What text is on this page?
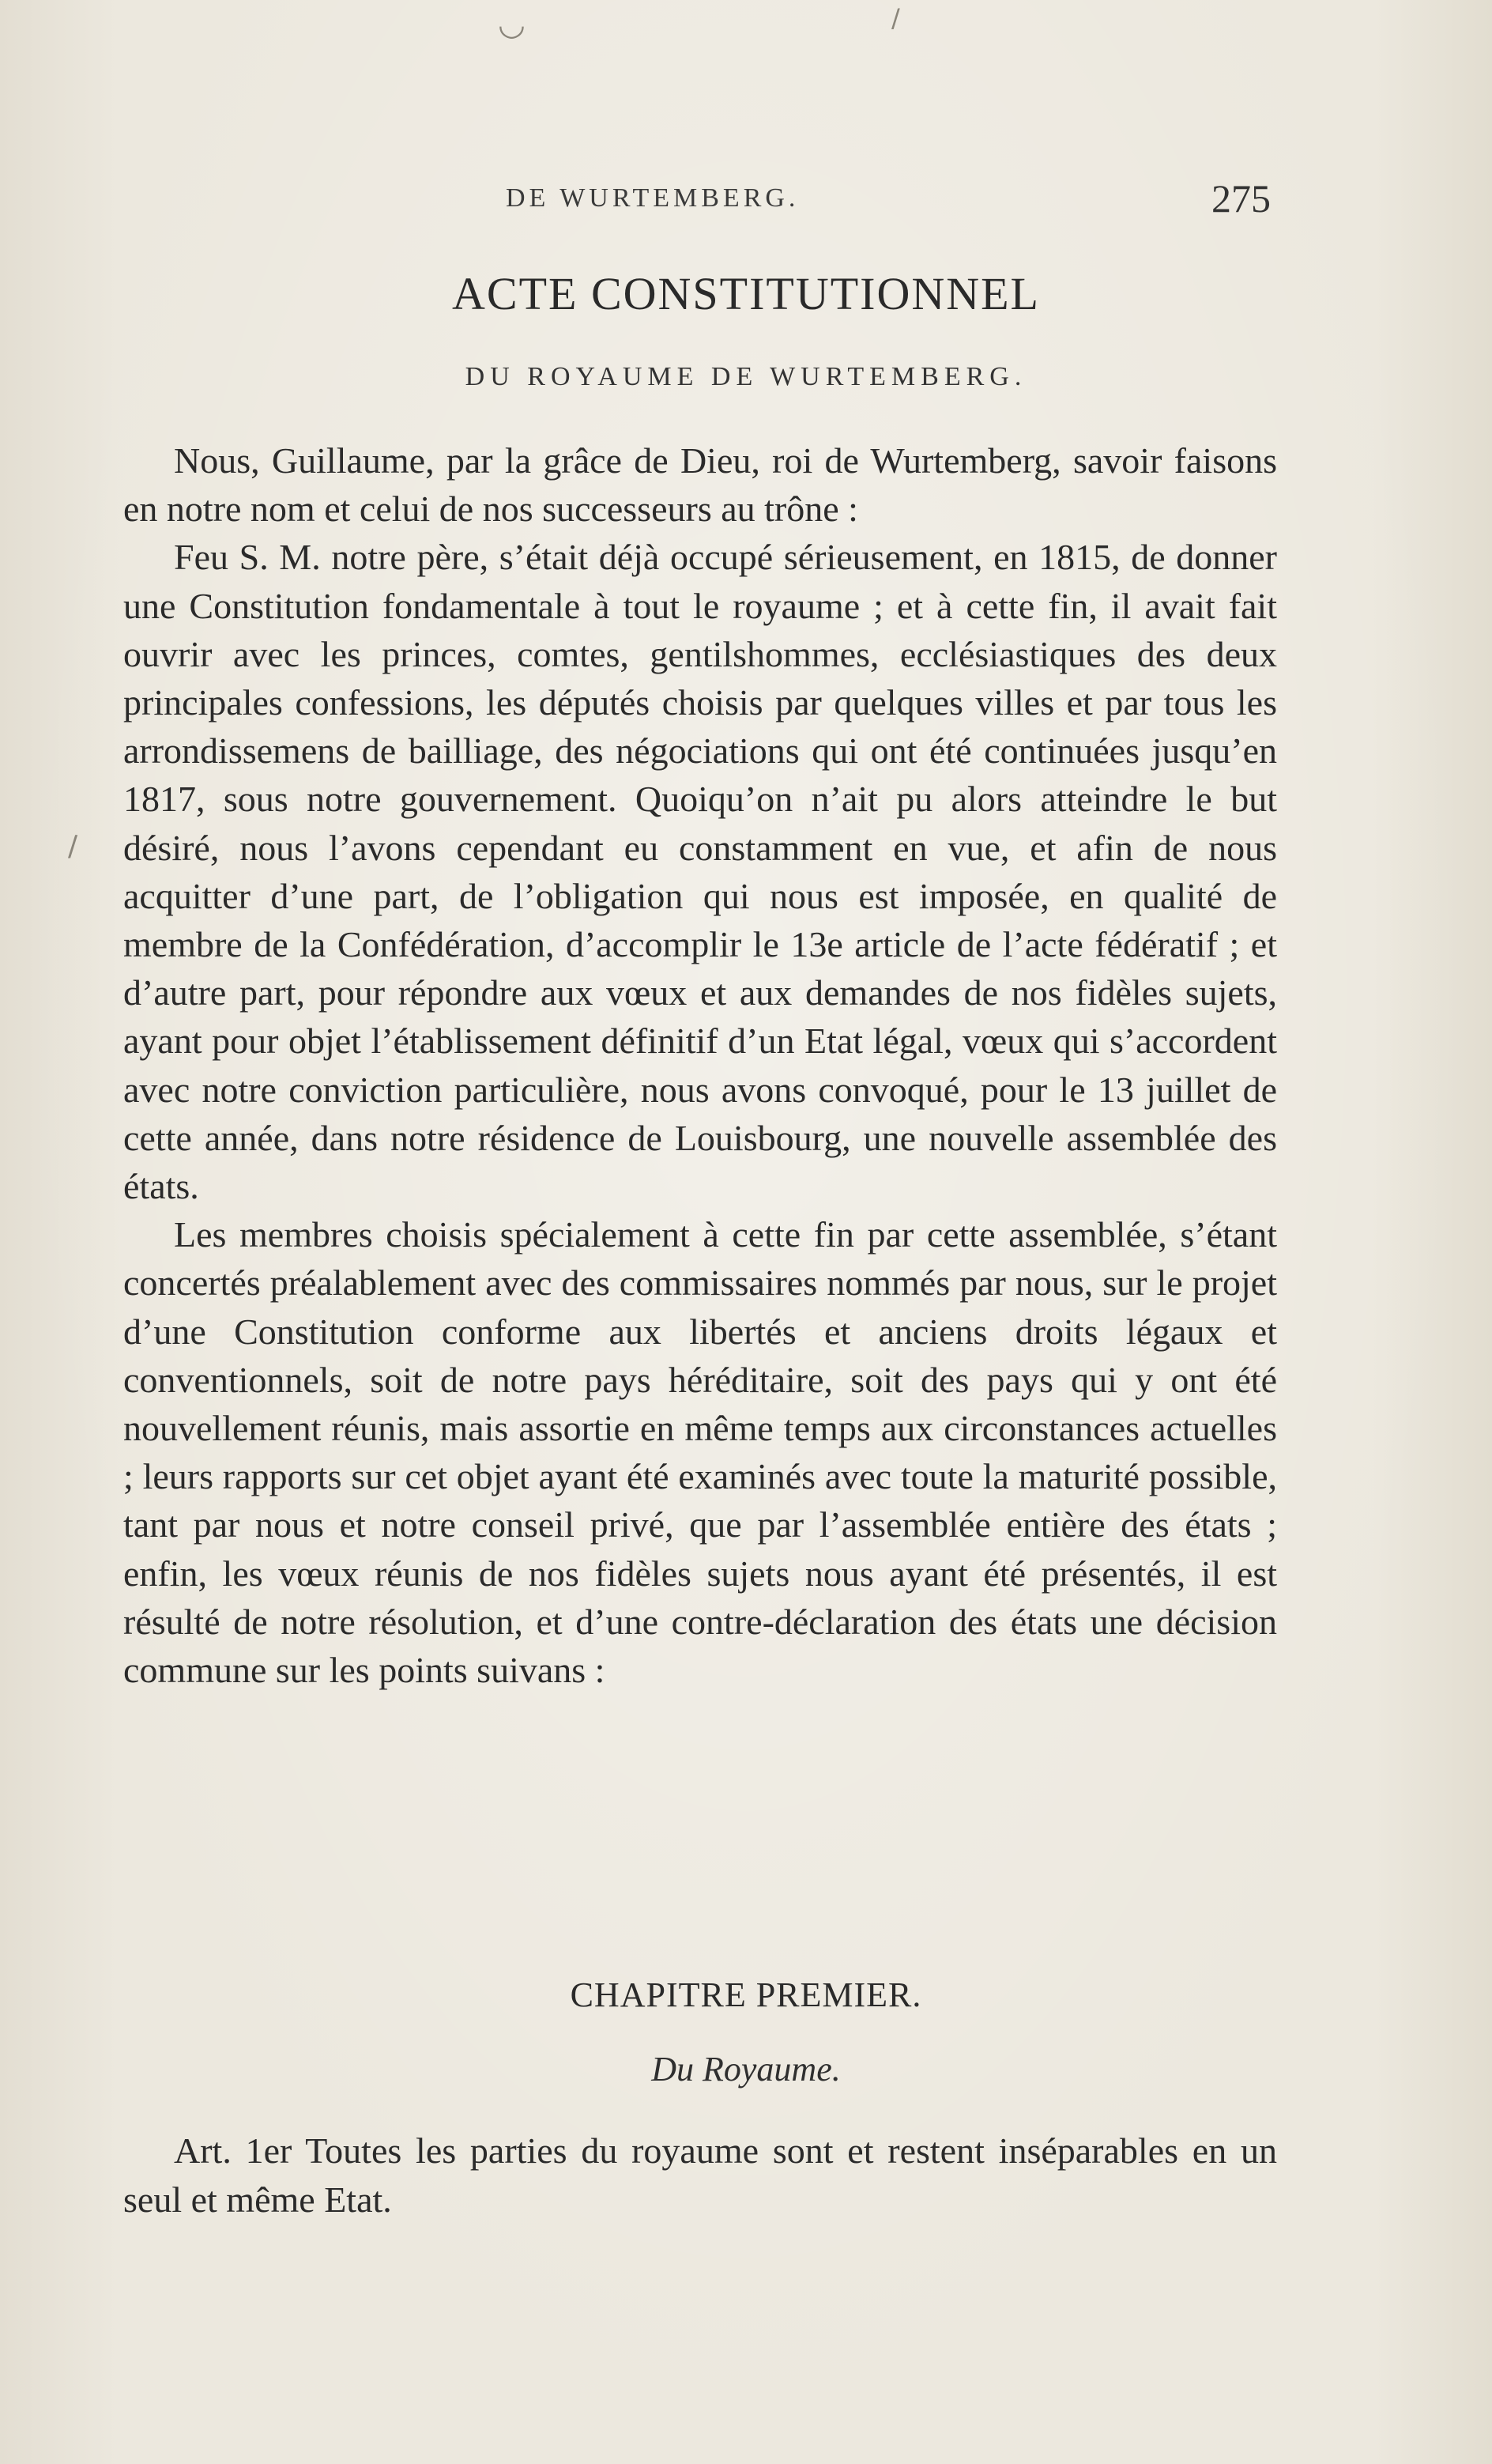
DE WURTEMBERG.	275
ACTE CONSTITUTIONNEL
DU ROYAUME DE WURTEMBERG.

Nous, Guillaume, par la grâce de Dieu, roi de Wurtemberg, savoir faisons en notre nom et celui de nos successeurs au trône :

Feu S. M. notre père, s’était déjà occupé sérieusement, en 1815, de donner une Constitution fondamentale à tout le royaume ; et à cette fin, il avait fait ouvrir avec les princes, comtes, gentilshommes, ecclésiastiques des deux principales confessions, les députés choisis par quelques villes et par tous les arrondissemens de bailliage, des négociations qui ont été continuées jusqu’en 1817, sous notre gouvernement. Quoiqu’on n’ait pu alors atteindre le but désiré, nous l’avons cependant eu constamment en vue, et afin de nous acquitter d’une part, de l’obligation qui nous est imposée, en qualité de membre de la Confédération, d’accomplir le 13e article de l’acte fédératif ; et d’autre part, pour répondre aux vœux et aux demandes de nos fidèles sujets, ayant pour objet l’établissement définitif d’un Etat légal, vœux qui s’accordent avec notre conviction particulière, nous avons convoqué, pour le 13 juillet de cette année, dans notre résidence de Louisbourg, une nouvelle assemblée des états.

Les membres choisis spécialement à cette fin par cette assemblée, s’étant concertés préalablement avec des commissaires nommés par nous, sur le projet d’une Constitution conforme aux libertés et anciens droits légaux et conventionnels, soit de notre pays héréditaire, soit des pays qui y ont été nouvellement réunis, mais assortie en même temps aux circonstances actuelles ; leurs rapports sur cet objet ayant été examinés avec toute la maturité possible, tant par nous et notre conseil privé, que par l’assemblée entière des états ; enfin, les vœux réunis de nos fidèles sujets nous ayant été présentés, il est résulté de notre résolution, et d’une contre-déclaration des états une décision commune sur les points suivans :

CHAPITRE PREMIER.
Du Royaume.

Art. 1er Toutes les parties du royaume sont et restent inséparables en un seul et même Etat.

◡	/
/
